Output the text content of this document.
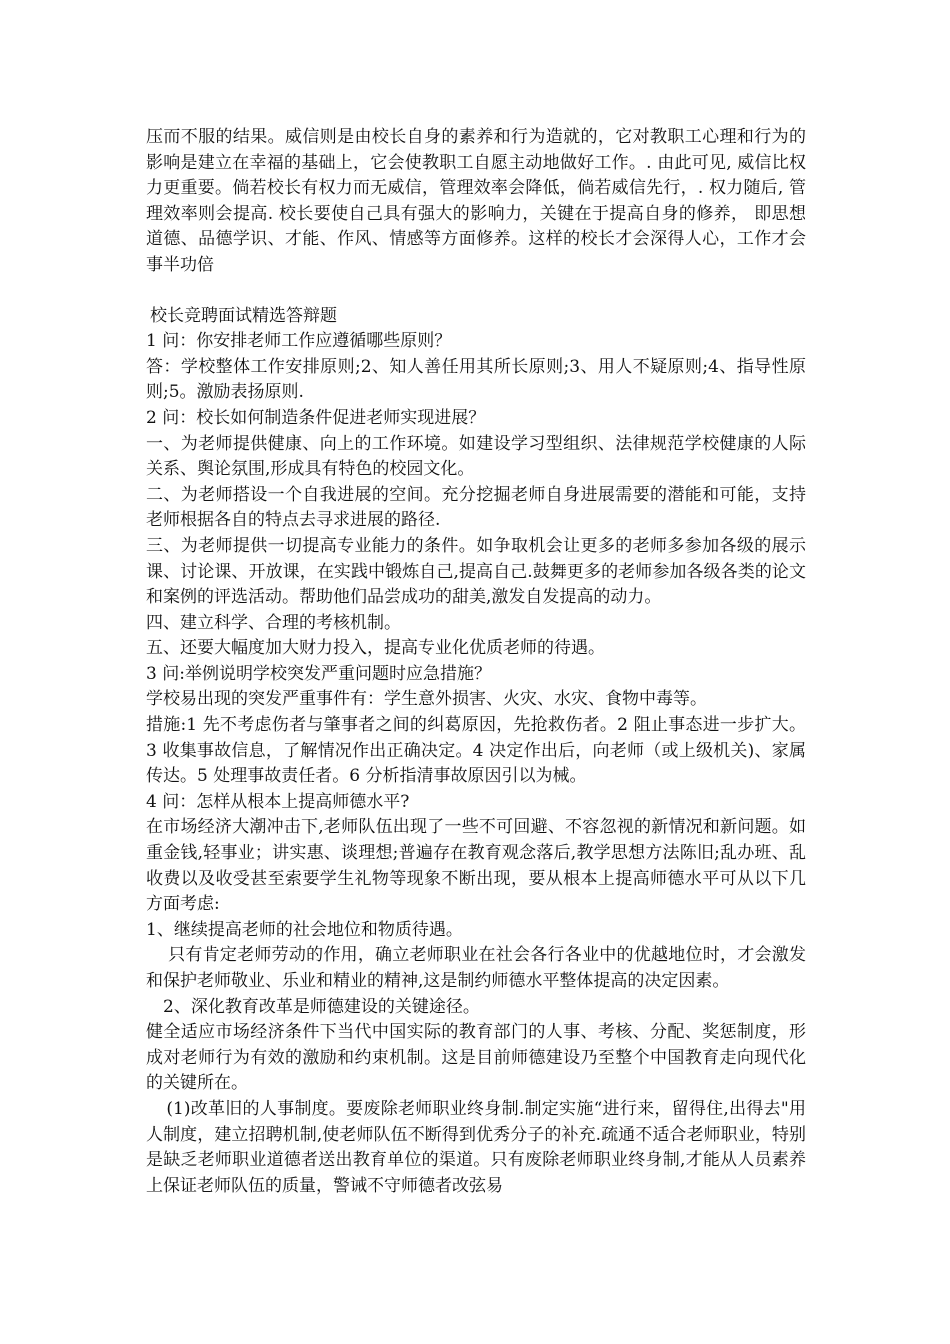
压而不服的结果。威信则是由校长自身的素养和行为造就的，它对教职工心理和行为的影响是建立在幸福的基础上，它会使教职工自愿主动地做好工作。. 由此可见, 威信比权力更重要。倘若校长有权力而无威信，管理效率会降低，倘若威信先行，. 权力随后, 管理效率则会提高. 校长要使自己具有强大的影响力，关键在于提高自身的修养， 即思想道德、品德学识、才能、作风、情感等方面修养。这样的校长才会深得人心，工作才会事半功倍

校长竞聘面试精选答辩题

1 问：你安排老师工作应遵循哪些原则？

答：学校整体工作安排原则;2、知人善任用其所长原则;3、用人不疑原则;4、指导性原则;5。激励表扬原则.

2 问：校长如何制造条件促进老师实现进展？

一、为老师提供健康、向上的工作环境。如建设学习型组织、法律规范学校健康的人际关系、舆论氛围,形成具有特色的校园文化。

二、为老师搭设一个自我进展的空间。充分挖掘老师自身进展需要的潜能和可能，支持老师根据各自的特点去寻求进展的路径.

三、为老师提供一切提高专业能力的条件。如争取机会让更多的老师多参加各级的展示课、讨论课、开放课，在实践中锻炼自己,提高自己.鼓舞更多的老师参加各级各类的论文和案例的评选活动。帮助他们品尝成功的甜美,激发自发提高的动力。

四、建立科学、合理的考核机制。

五、还要大幅度加大财力投入，提高专业化优质老师的待遇。

3 问:举例说明学校突发严重问题时应急措施？

学校易出现的突发严重事件有：学生意外损害、火灾、水灾、食物中毒等。

措施:1 先不考虑伤者与肇事者之间的纠葛原因，先抢救伤者。2 阻止事态进一步扩大。3 收集事故信息，了解情况作出正确决定。4 决定作出后，向老师（或上级机关)、家属传达。5 处理事故责任者。6 分析指清事故原因引以为械。

4 问：怎样从根本上提高师德水平?

在市场经济大潮冲击下,老师队伍出现了一些不可回避、不容忽视的新情况和新问题。如重金钱,轻事业；讲实惠、谈理想;普遍存在教育观念落后,教学思想方法陈旧;乱办班、乱收费以及收受甚至索要学生礼物等现象不断出现，要从根本上提高师德水平可从以下几方面考虑:

1、继续提高老师的社会地位和物质待遇。

只有肯定老师劳动的作用，确立老师职业在社会各行各业中的优越地位时，才会激发和保护老师敬业、乐业和精业的精神,这是制约师德水平整体提高的决定因素。

2、深化教育改革是师德建设的关键途径。

健全适应市场经济条件下当代中国实际的教育部门的人事、考核、分配、奖惩制度，形成对老师行为有效的激励和约束机制。这是目前师德建设乃至整个中国教育走向现代化的关键所在。

(1)改革旧的人事制度。要废除老师职业终身制.制定实施“进行来，留得住,出得去"用人制度，建立招聘机制,使老师队伍不断得到优秀分子的补充.疏通不适合老师职业，特别是缺乏老师职业道德者送出教育单位的渠道。只有废除老师职业终身制,才能从人员素养上保证老师队伍的质量，警诫不守师德者改弦易
